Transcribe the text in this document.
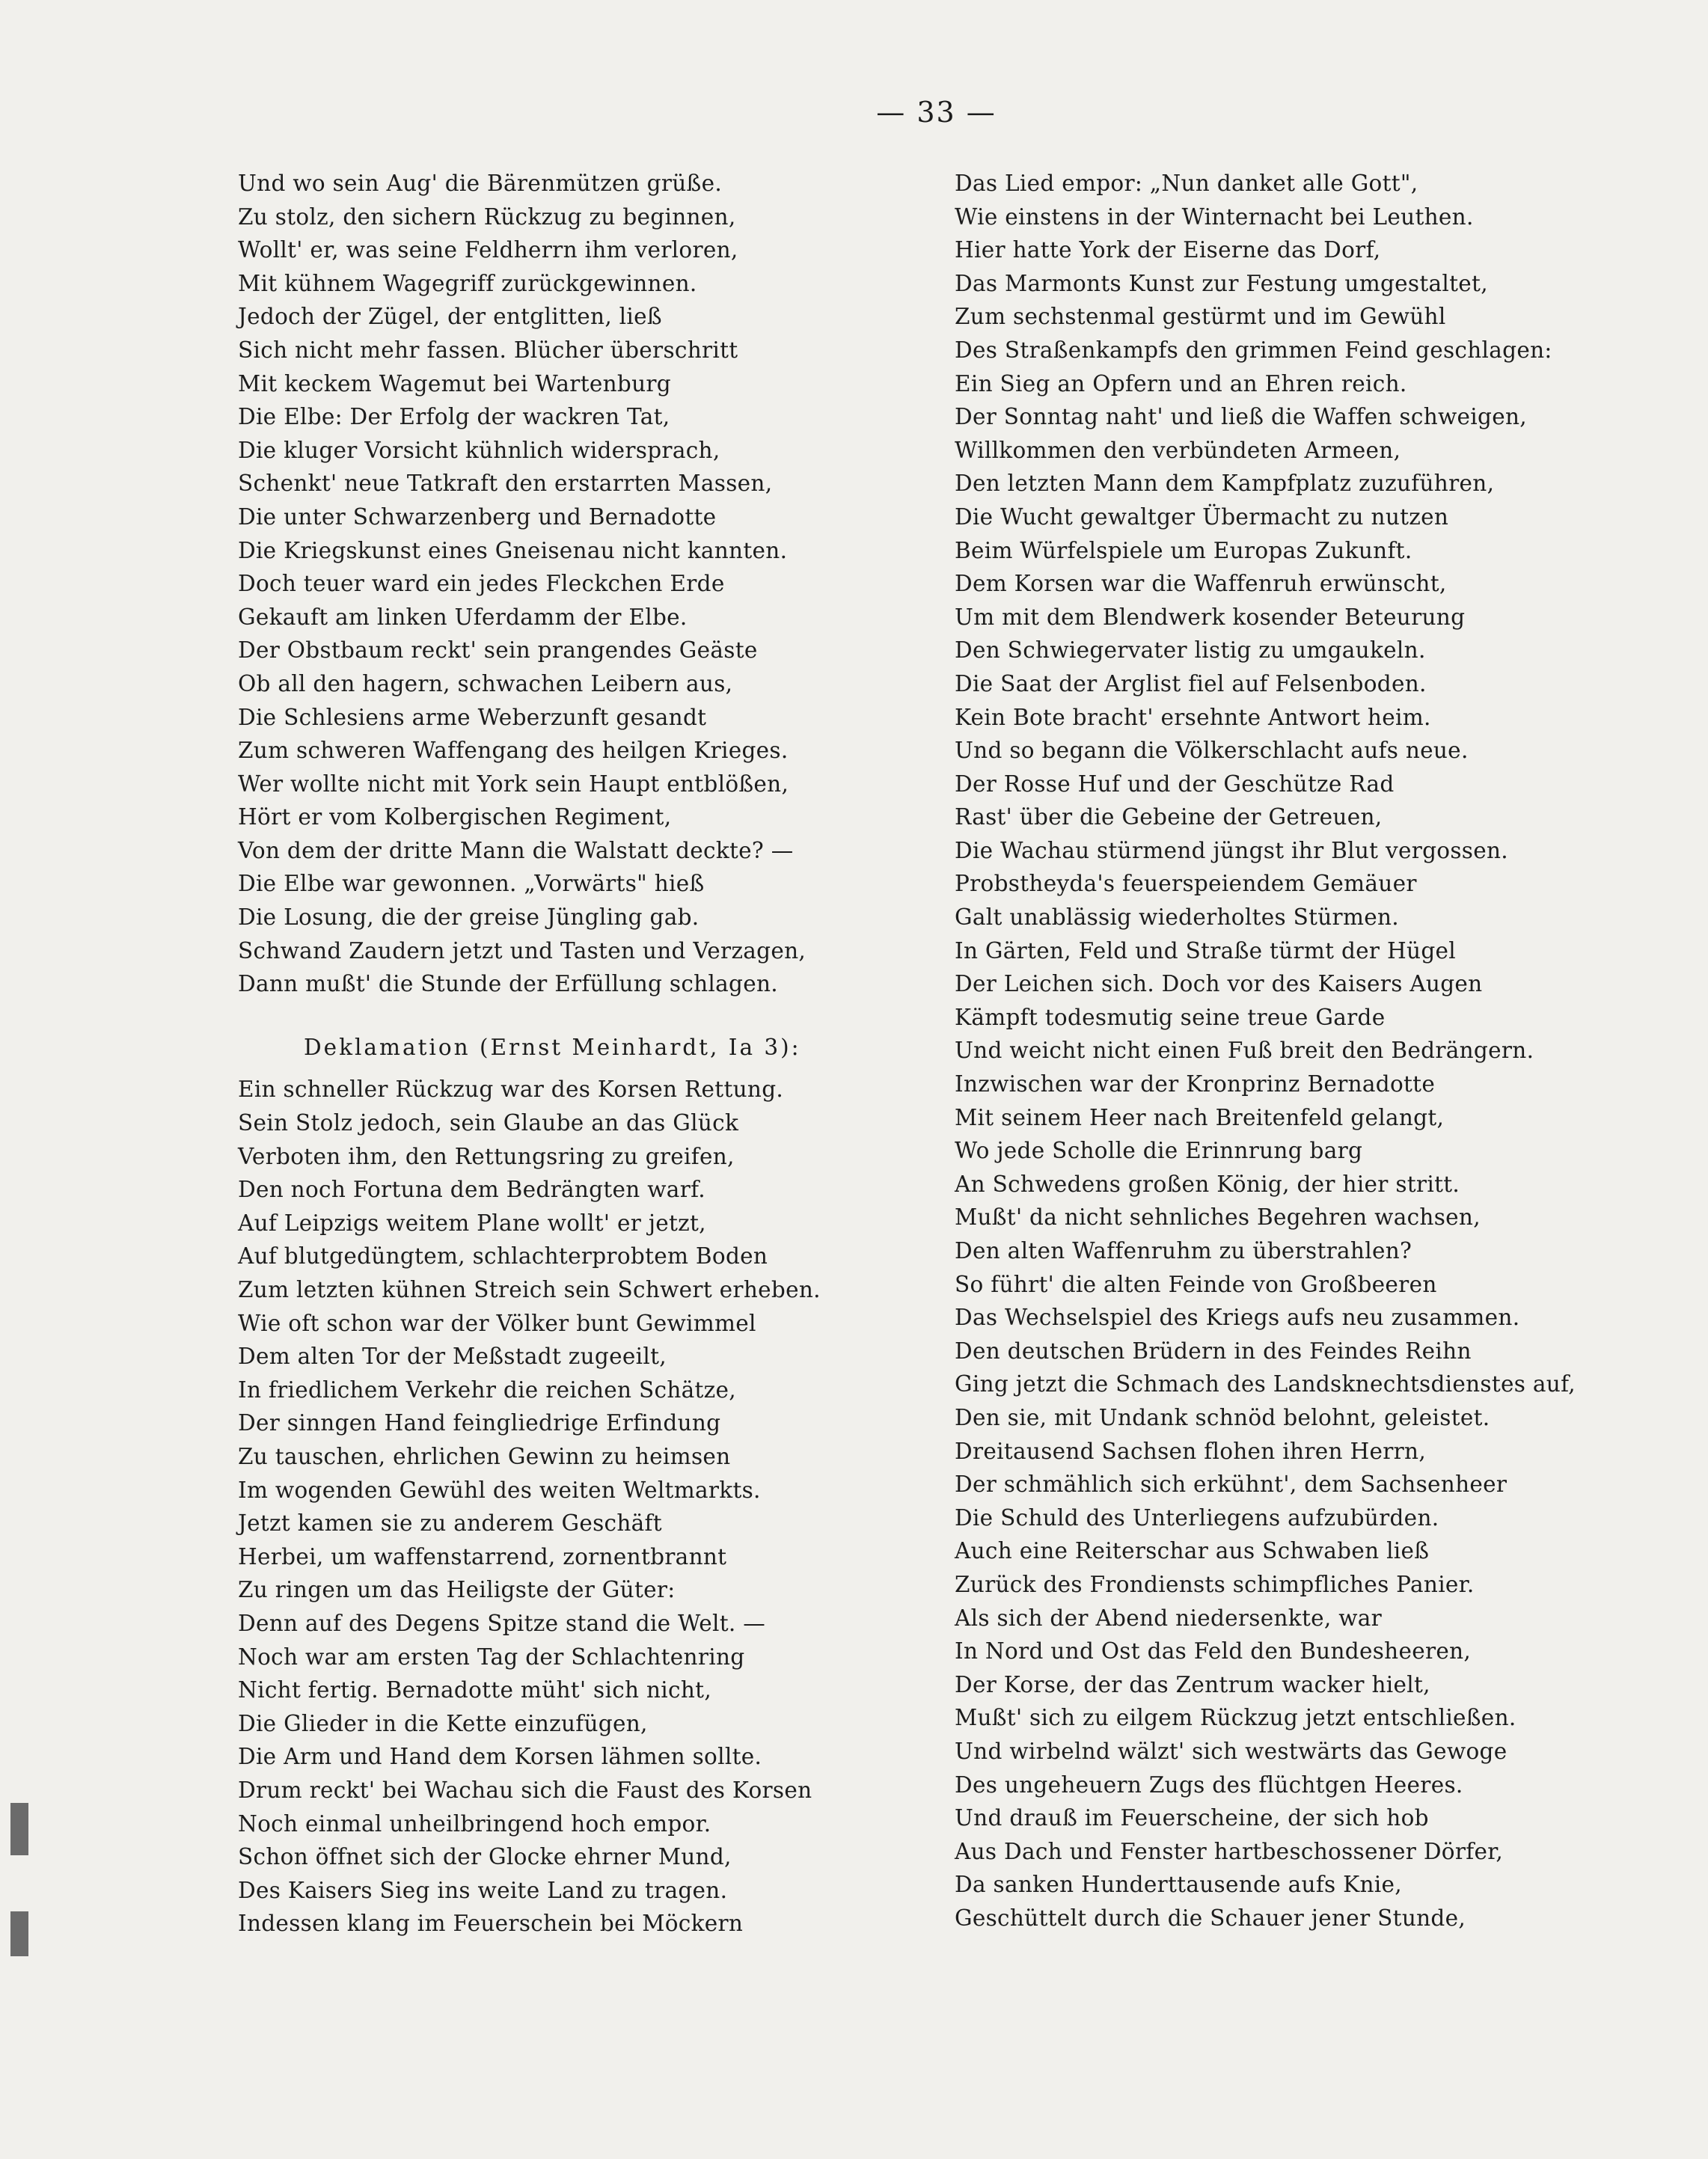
— 33 —
Und wo sein Aug' die Bärenmützen grüße.
Zu stolz, den sichern Rückzug zu beginnen,
Wollt' er, was seine Feldherrn ihm verloren,
Mit kühnem Wagegriff zurückgewinnen.
Jedoch der Zügel, der entglitten, ließ
Sich nicht mehr fassen. Blücher überschritt
Mit keckem Wagemut bei Wartenburg
Die Elbe: Der Erfolg der wackren Tat,
Die kluger Vorsicht kühnlich widersprach,
Schenkt' neue Tatkraft den erstarrten Massen,
Die unter Schwarzenberg und Bernadotte
Die Kriegskunst eines Gneisenau nicht kannten.
Doch teuer ward ein jedes Fleckchen Erde
Gekauft am linken Uferdamm der Elbe.
Der Obstbaum reckt' sein prangendes Geäste
Ob all den hagern, schwachen Leibern aus,
Die Schlesiens arme Weberzunft gesandt
Zum schweren Waffengang des heilgen Krieges.
Wer wollte nicht mit York sein Haupt entblößen,
Hört er vom Kolbergischen Regiment,
Von dem der dritte Mann die Walstatt deckte? —
Die Elbe war gewonnen. „Vorwärts" hieß
Die Losung, die der greise Jüngling gab.
Schwand Zaudern jetzt und Tasten und Verzagen,
Dann mußt' die Stunde der Erfüllung schlagen.
Deklamation (Ernst Meinhardt, Ia 3):
Ein schneller Rückzug war des Korsen Rettung.
Sein Stolz jedoch, sein Glaube an das Glück
Verboten ihm, den Rettungsring zu greifen,
Den noch Fortuna dem Bedrängten warf.
Auf Leipzigs weitem Plane wollt' er jetzt,
Auf blutgedüngtem, schlachterprobtem Boden
Zum letzten kühnen Streich sein Schwert erheben.
Wie oft schon war der Völker bunt Gewimmel
Dem alten Tor der Meßstadt zugeeilt,
In friedlichem Verkehr die reichen Schätze,
Der sinngen Hand feingliedrige Erfindung
Zu tauschen, ehrlichen Gewinn zu heimsen
Im wogenden Gewühl des weiten Weltmarkts.
Jetzt kamen sie zu anderem Geschäft
Herbei, um waffenstarrend, zornentbrannt
Zu ringen um das Heiligste der Güter:
Denn auf des Degens Spitze stand die Welt. —
Noch war am ersten Tag der Schlachtenring
Nicht fertig. Bernadotte müht' sich nicht,
Die Glieder in die Kette einzufügen,
Die Arm und Hand dem Korsen lähmen sollte.
Drum reckt' bei Wachau sich die Faust des Korsen
Noch einmal unheilbringend hoch empor.
Schon öffnet sich der Glocke ehrner Mund,
Des Kaisers Sieg ins weite Land zu tragen.
Indessen klang im Feuerschein bei Möckern
Das Lied empor: „Nun danket alle Gott",
Wie einstens in der Winternacht bei Leuthen.
Hier hatte York der Eiserne das Dorf,
Das Marmonts Kunst zur Festung umgestaltet,
Zum sechstenmal gestürmt und im Gewühl
Des Straßenkampfs den grimmen Feind geschlagen:
Ein Sieg an Opfern und an Ehren reich.
Der Sonntag naht' und ließ die Waffen schweigen,
Willkommen den verbündeten Armeen,
Den letzten Mann dem Kampfplatz zuzuführen,
Die Wucht gewaltger Übermacht zu nutzen
Beim Würfelspiele um Europas Zukunft.
Dem Korsen war die Waffenruh erwünscht,
Um mit dem Blendwerk kosender Beteurung
Den Schwiegervater listig zu umgaukeln.
Die Saat der Arglist fiel auf Felsenboden.
Kein Bote bracht' ersehnte Antwort heim.
Und so begann die Völkerschlacht aufs neue.
Der Rosse Huf und der Geschütze Rad
Rast' über die Gebeine der Getreuen,
Die Wachau stürmend jüngst ihr Blut vergossen.
Probstheyda's feuerspeiendem Gemäuer
Galt unablässig wiederholtes Stürmen.
In Gärten, Feld und Straße türmt der Hügel
Der Leichen sich. Doch vor des Kaisers Augen
Kämpft todesmutig seine treue Garde
Und weicht nicht einen Fuß breit den Bedrängern.
Inzwischen war der Kronprinz Bernadotte
Mit seinem Heer nach Breitenfeld gelangt,
Wo jede Scholle die Erinnrung barg
An Schwedens großen König, der hier stritt.
Mußt' da nicht sehnliches Begehren wachsen,
Den alten Waffenruhm zu überstrahlen?
So führt' die alten Feinde von Großbeeren
Das Wechselspiel des Kriegs aufs neu zusammen.
Den deutschen Brüdern in des Feindes Reihn
Ging jetzt die Schmach des Landsknechtsdienstes auf,
Den sie, mit Undank schnöd belohnt, geleistet.
Dreitausend Sachsen flohen ihren Herrn,
Der schmählich sich erkühnt', dem Sachsenheer
Die Schuld des Unterliegens aufzubürden.
Auch eine Reiterschar aus Schwaben ließ
Zurück des Frondiensts schimpfliches Panier.
Als sich der Abend niedersenkte, war
In Nord und Ost das Feld den Bundesheeren,
Der Korse, der das Zentrum wacker hielt,
Mußt' sich zu eilgem Rückzug jetzt entschließen.
Und wirbelnd wälzt' sich westwärts das Gewoge
Des ungeheuern Zugs des flüchtgen Heeres.
Und drauß im Feuerscheine, der sich hob
Aus Dach und Fenster hartbeschossener Dörfer,
Da sanken Hunderttausende aufs Knie,
Geschüttelt durch die Schauer jener Stunde,
